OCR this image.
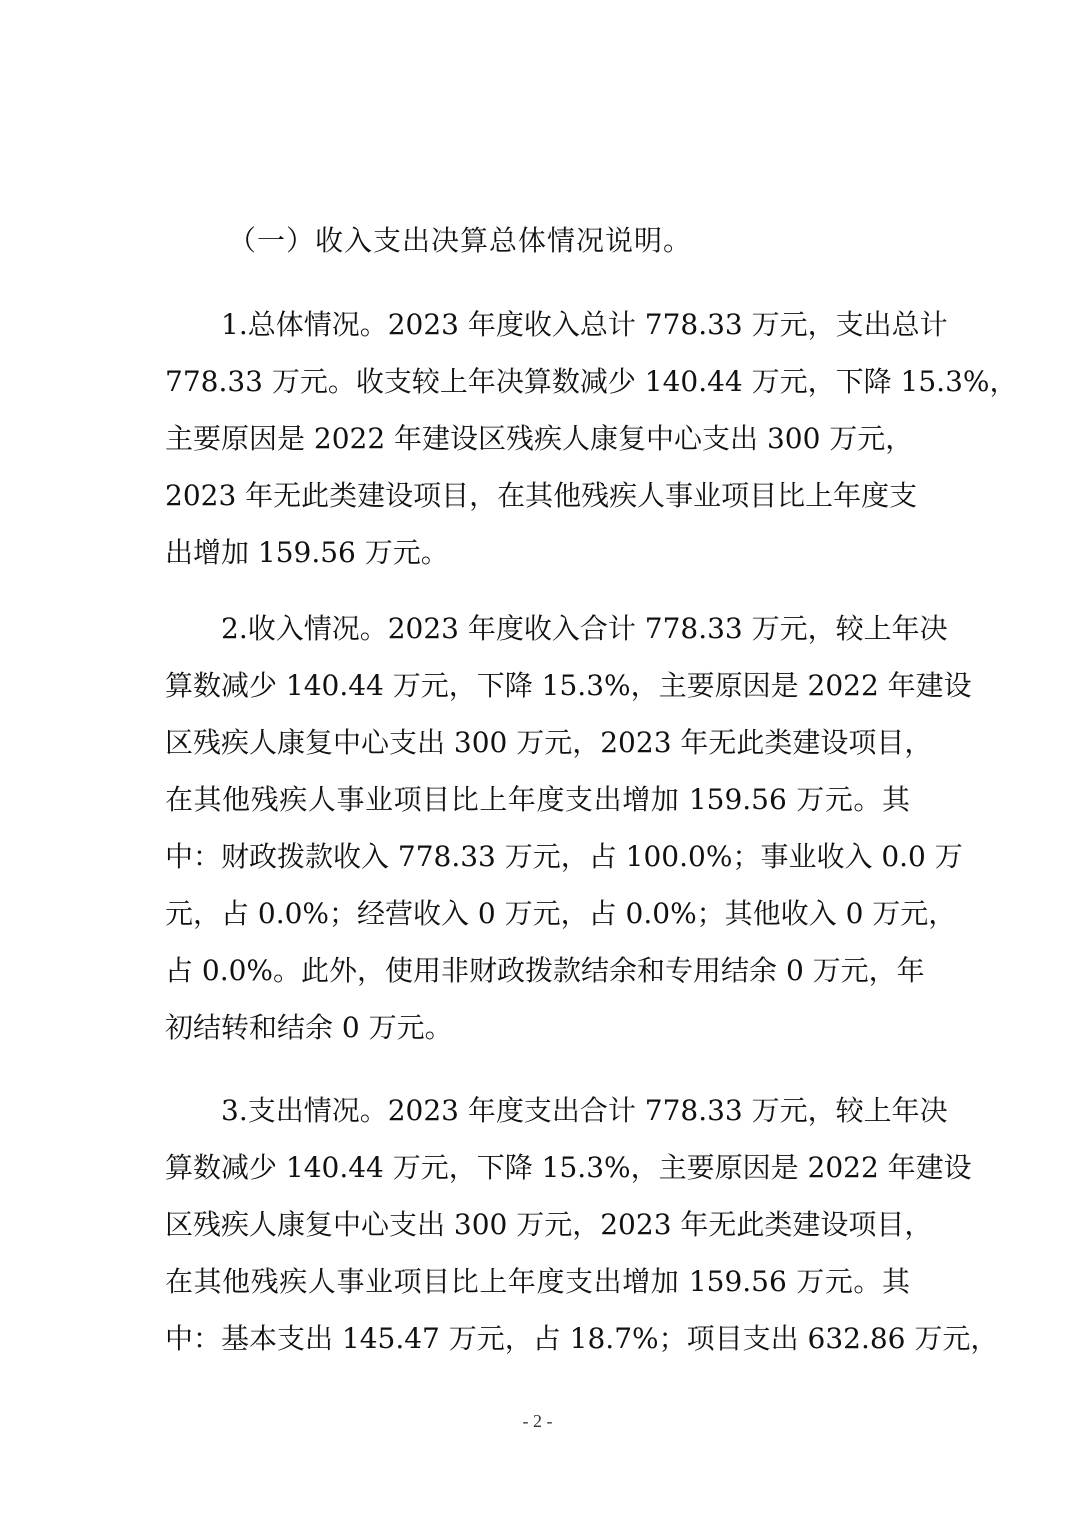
（一）收入支出决算总体情况说明。
1.总体情况。2023 年度收入总计 778.33 万元，支出总计
778.33 万元。收支较上年决算数减少 140.44 万元，下降 15.3%，
主要原因是 2022 年建设区残疾人康复中心支出 300 万元，
2023 年无此类建设项目，在其他残疾人事业项目比上年度支
出增加 159.56 万元。
2.收入情况。2023 年度收入合计 778.33 万元，较上年决
算数减少 140.44 万元，下降 15.3%，主要原因是 2022 年建设
区残疾人康复中心支出 300 万元，2023 年无此类建设项目，
在其他残疾人事业项目比上年度支出增加 159.56 万元。其
中：财政拨款收入 778.33 万元，占 100.0%；事业收入 0.0 万
元，占 0.0%；经营收入 0 万元，占 0.0%；其他收入 0 万元，
占 0.0%。此外，使用非财政拨款结余和专用结余 0 万元，年
初结转和结余 0 万元。
3.支出情况。2023 年度支出合计 778.33 万元，较上年决
算数减少 140.44 万元，下降 15.3%，主要原因是 2022 年建设
区残疾人康复中心支出 300 万元，2023 年无此类建设项目，
在其他残疾人事业项目比上年度支出增加 159.56 万元。其
中：基本支出 145.47 万元，占 18.7%；项目支出 632.86 万元，
- 2 -
